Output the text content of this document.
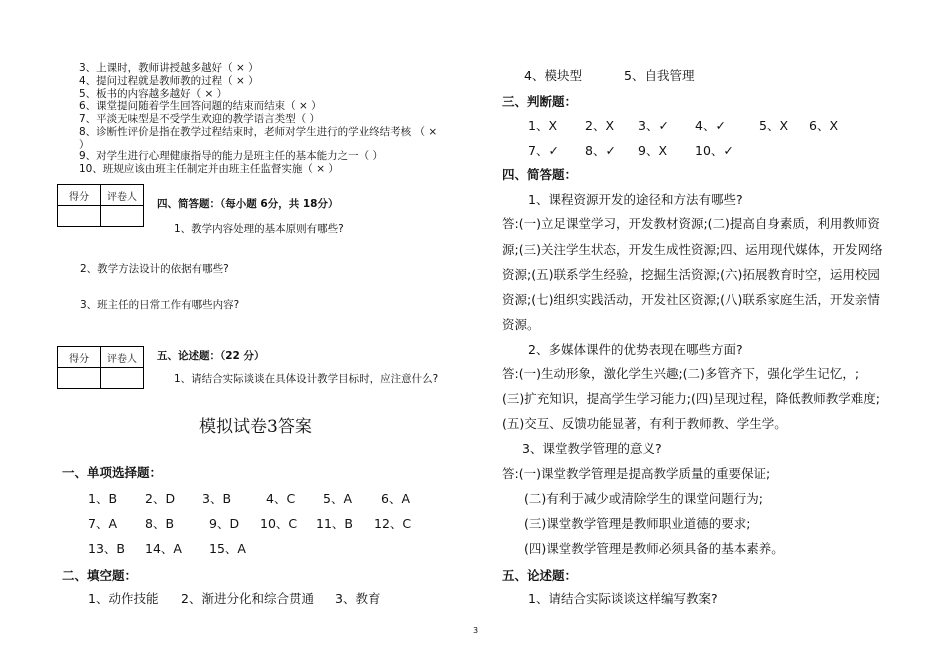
3、上课时，教师讲授越多越好（ × ）
4、提问过程就是教师教的过程（ × ）
5、板书的内容越多越好（ × ）
6、课堂提问随着学生回答问题的结束而结束（ × ）
7、平淡无味型是不受学生欢迎的教学语言类型（ ）
8、诊断性评价是指在教学过程结束时，老师对学生进行的学业终结考核 （ ×
）
9、对学生进行心理健康指导的能力是班主任的基本能力之一（ ）
10、班规应该由班主任制定并由班主任监督实施（ × ）
得分	评卷人

四、简答题：（每小题 6分，共 18分）
1、教学内容处理的基本原则有哪些?
2、教学方法设计的依据有哪些?
3、班主任的日常工作有哪些内容?
得分	评卷人
	五、论述题：（22 分）
1、请结合实际谈谈在具体设计教学目标时，应注意什么?
模拟试卷3答案
一、单项选择题：
1、B 2、D 3、B	4、C 5、A 6、A
7、A 8、B	9、D 10、C 11、B 12、C
13、B 14、A 15、A
二、填空题：
1、动作技能 2、渐进分化和综合贯通 3、教育
4、模块型	5、自我管理
三、判断题：
1、X 2、X 3、✓ 4、✓	5、X 6、X
7、✓ 8、✓ 9、X 10、✓
四、简答题：
1、课程资源开发的途径和方法有哪些?
答:(一)立足课堂学习，开发教材资源;(二)提高自身素质，利用教师资
源;(三)关注学生状态，开发生成性资源;四、运用现代媒体，开发网络
资源;(五)联系学生经验，挖掘生活资源;(六)拓展教育时空，运用校园
资源;(七)组织实践活动，开发社区资源;(八)联系家庭生活，开发亲情
资源。
2、多媒体课件的优势表现在哪些方面?
答:(一)生动形象，激化学生兴趣;(二)多管齐下，强化学生记忆，;
(三)扩充知识，提高学生学习能力;(四)呈现过程，降低教师教学难度;
(五)交互、反馈功能显著，有利于教师教、学生学。
3、课堂教学管理的意义?
答:(一)课堂教学管理是提高教学质量的重要保证;
(二)有利于减少或清除学生的课堂问题行为;
(三)课堂教学管理是教师职业道德的要求;
(四)课堂教学管理是教师必须具备的基本素养。
五、论述题：
1、请结合实际谈谈这样编写教案?
3
